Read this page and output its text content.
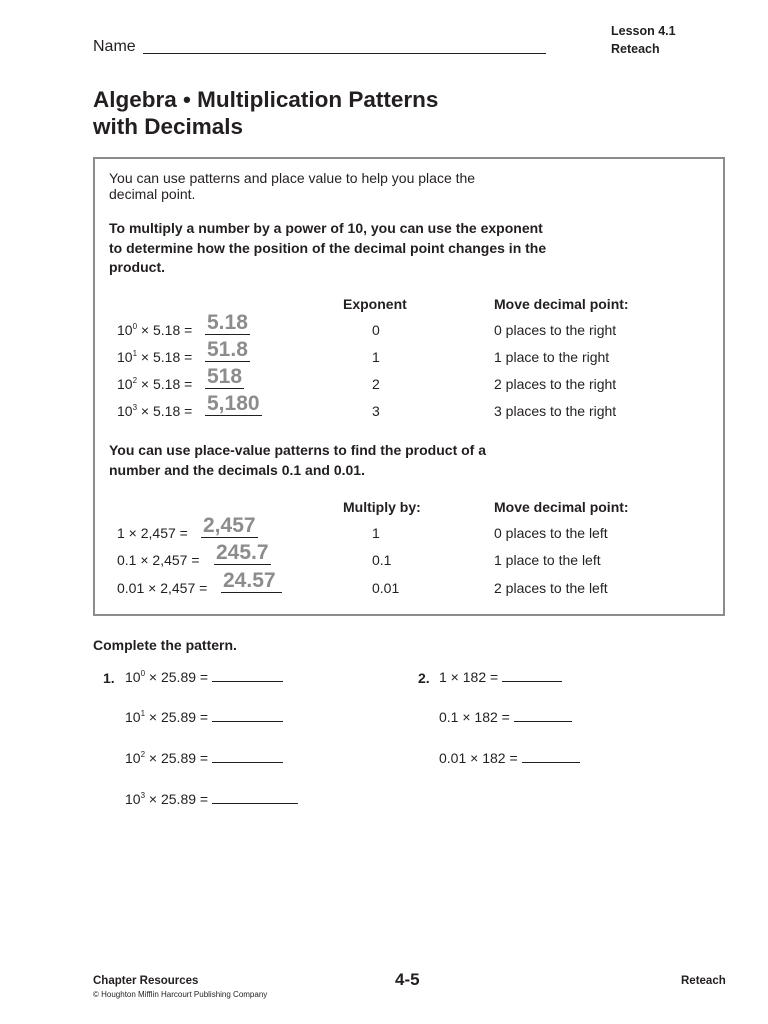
Lesson 4.1
Reteach
Name
Algebra • Multiplication Patterns
with Decimals
You can use patterns and place value to help you place the decimal point.
To multiply a number by a power of 10, you can use the exponent to determine how the position of the decimal point changes in the product.
Exponent	Move decimal point:
$10^0 \times 5.18 = 5.18$	0	0 places to the right
$10^1 \times 5.18 = 51.8$	1	1 place to the right
$10^2 \times 5.18 = 518$	2	2 places to the right
$10^3 \times 5.18 = 5,180$	3	3 places to the right
You can use place-value patterns to find the product of a number and the decimals 0.1 and 0.01.
Multiply by:	Move decimal point:
1 × 2,457 = 2,457	1	0 places to the left
0.1 × 2,457 = 245.7	0.1	1 place to the left
0.01 × 2,457 = 24.57	0.01	2 places to the left
Complete the pattern.
1. $10^0 \times 25.89$ =
$10^1 \times 25.89$ =
$10^2 \times 25.89$ =
$10^3 \times 25.89$ =
2. 1 × 182 =
0.1 × 182 =
0.01 × 182 =
Chapter Resources
© Houghton Mifflin Harcourt Publishing Company
4-5	Reteach
